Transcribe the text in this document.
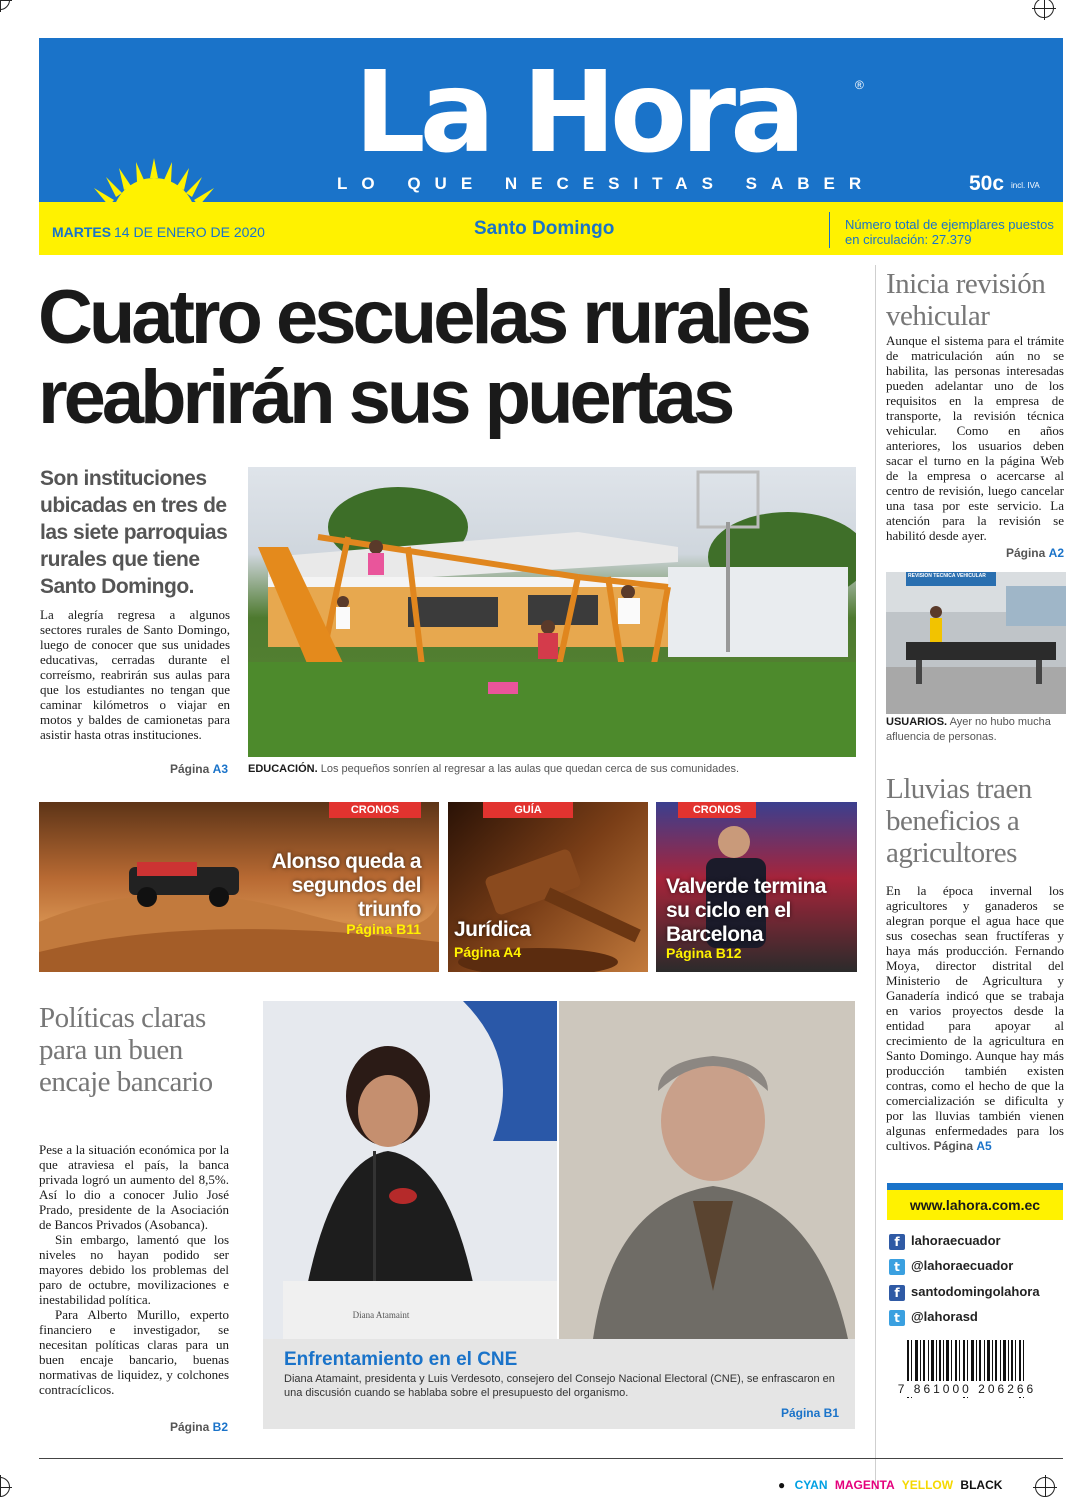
La Hora	®
LO QUE NECESITAS SABER	50c incl. IVA
MARTES 14 DE ENERO DE 2020	Santo Domingo	Número total de ejemplares puestos en circulación: 27.379
Cuatro escuelas rurales reabrirán sus puertas
Son instituciones ubicadas en tres de las siete parroquias rurales que tiene Santo Domingo.
La alegría regresa a algunos sectores rurales de Santo Domingo, luego de conocer que sus unidades educativas, cerradas durante el correísmo, reabrirán sus aulas para que los estudiantes no tengan que caminar kilómetros o viajar en motos y baldes de camionetas para asistir hasta otras instituciones.
Página A3 EDUCACIÓN. Los pequeños sonríen al regresar a las aulas que quedan cerca de sus comunidades.
CRONOS
Alonso queda a segundos del triunfo
Página B11
GUÍA
Jurídica
Página A4
CRONOS
Valverde termina su ciclo en el Barcelona
Página B12
Inicia revisión vehicular
Aunque el sistema para el trámite de matriculación aún no se habilita, las personas interesadas pueden adelantar uno de los requisitos en la empresa de transporte, la revisión técnica vehicular. Como en años anteriores, los usuarios deben sacar el turno en la página Web de la empresa o acercarse al centro de revisión, luego cancelar una tasa por este servicio. La atención para la revisión se habilitó desde ayer.
Página A2
REVISIÓN TÉCNICA VEHICULAR
USUARIOS. Ayer no hubo mucha afluencia de personas.
Lluvias traen beneficios a agricultores
En la época invernal los agricultores y ganaderos se alegran porque el agua hace que sus cosechas sean fructíferas y haya más producción. Fernando Moya, director distrital del Ministerio de Agricultura y Ganadería indicó que se trabaja en varios proyectos desde la entidad para apoyar al crecimiento de la agricultura en Santo Domingo. Aunque hay más producción también existen contras, como el hecho de que la comercialización se dificulta y por las lluvias también vienen algunas enfermedades para los cultivos. Página A5
www.lahora.com.ec
f lahoraecuador
t @lahoraecuador
f santodomingolahora
t @lahorasd
7 861000 206266
Políticas claras para un buen encaje bancario

Pese a la situación económica por la que atraviesa el país, la banca privada logró un aumento del 8,5%. Así lo dio a conocer Julio José Prado, presidente de la Asociación de Bancos Privados (Asobanca).

Sin embargo, lamentó que los niveles no hayan podido ser mayores debido los problemas del paro de octubre, movilizaciones e inestabilidad política.

Para Alberto Murillo, experto financiero e investigador, se necesitan políticas claras para un buen encaje bancario, buenas normativas de liquidez, y colchones contracíclicos.

Página B2
Diana Atamaint
Enfrentamiento en el CNE
Diana Atamaint, presidenta y Luis Verdesoto, consejero del Consejo Nacional Electoral (CNE), se enfrascaron en una discusión cuando se hablaba sobre el presupuesto del organismo.
Página B1
● CYAN MAGENTA YELLOW BLACK
